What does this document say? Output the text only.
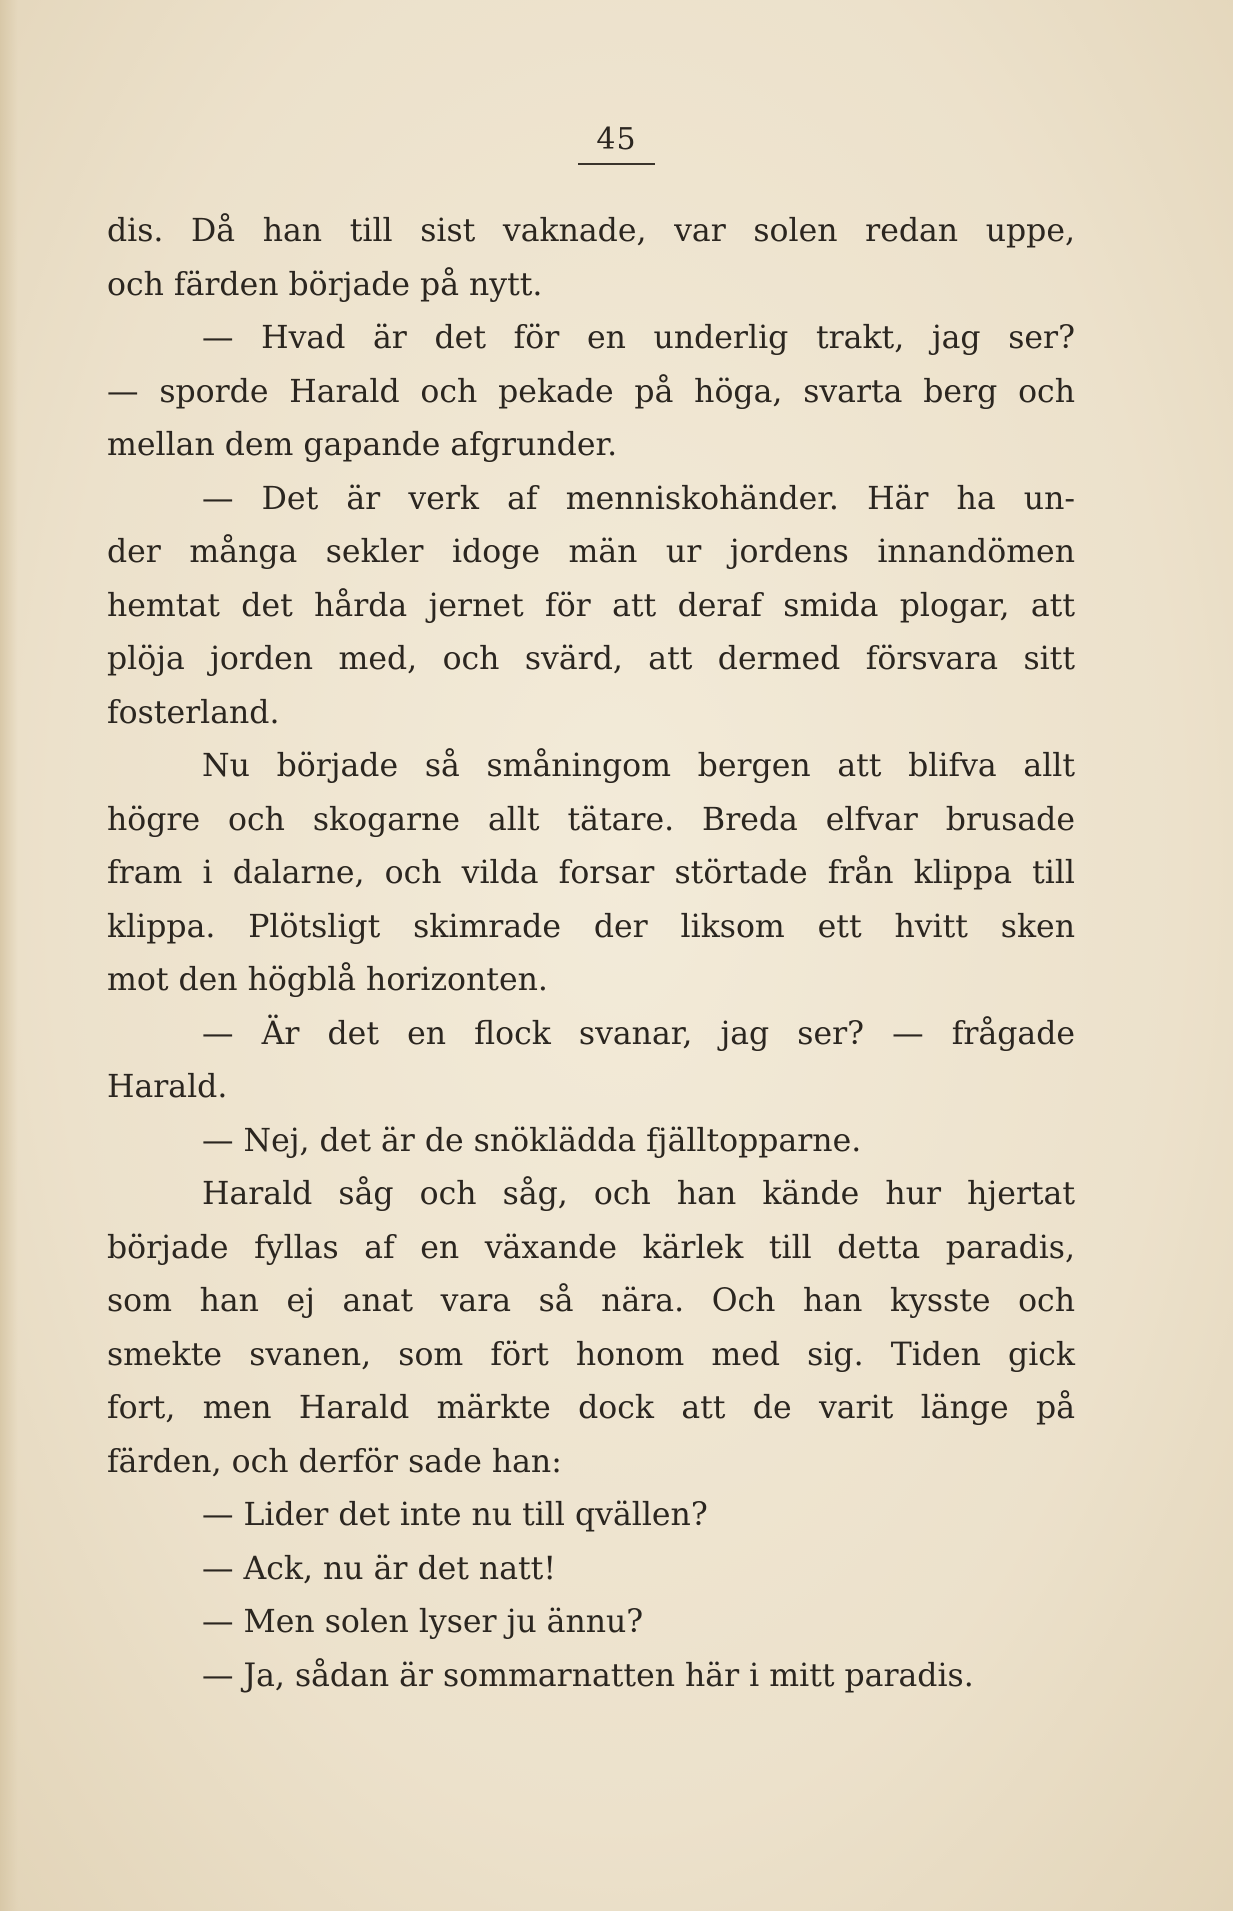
45
dis. Då han till sist vaknade, var solen redan uppe,
och färden började på nytt.
— Hvad är det för en underlig trakt, jag ser?
— sporde Harald och pekade på höga, svarta berg och
mellan dem gapande afgrunder.
— Det är verk af menniskohänder. Här ha un-
der många sekler idoge män ur jordens innandömen
hemtat det hårda jernet för att deraf smida plogar, att
plöja jorden med, och svärd, att dermed försvara sitt
fosterland.
Nu började så småningom bergen att blifva allt
högre och skogarne allt tätare. Breda elfvar brusade
fram i dalarne, och vilda forsar störtade från klippa till
klippa. Plötsligt skimrade der liksom ett hvitt sken
mot den högblå horizonten.
— Är det en flock svanar, jag ser? — frågade
Harald.
— Nej, det är de snöklädda fjälltopparne.
Harald såg och såg, och han kände hur hjertat
började fyllas af en växande kärlek till detta paradis,
som han ej anat vara så nära. Och han kysste och
smekte svanen, som fört honom med sig. Tiden gick
fort, men Harald märkte dock att de varit länge på
färden, och derför sade han:
— Lider det inte nu till qvällen?
— Ack, nu är det natt!
— Men solen lyser ju ännu?
— Ja, sådan är sommarnatten här i mitt paradis.
